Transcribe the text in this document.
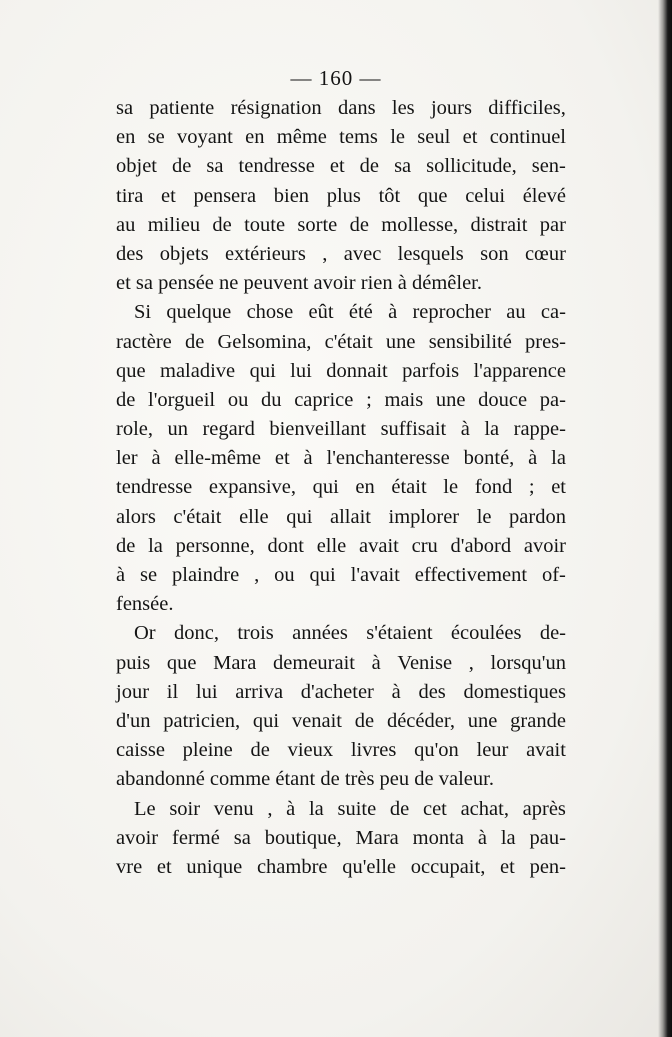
— 160 —
sa patiente résignation dans les jours difficiles,
en se voyant en même tems le seul et continuel
objet de sa tendresse et de sa sollicitude, sen-
tira et pensera bien plus tôt que celui élevé
au milieu de toute sorte de mollesse, distrait par
des objets extérieurs , avec lesquels son cœur
et sa pensée ne peuvent avoir rien à démêler.
Si quelque chose eût été à reprocher au ca-
ractère de Gelsomina, c'était une sensibilité pres-
que maladive qui lui donnait parfois l'apparence
de l'orgueil ou du caprice ; mais une douce pa-
role, un regard bienveillant suffisait à la rappe-
ler à elle-même et à l'enchanteresse bonté, à la
tendresse expansive, qui en était le fond ; et
alors c'était elle qui allait implorer le pardon
de la personne, dont elle avait cru d'abord avoir
à se plaindre , ou qui l'avait effectivement of-
fensée.
Or donc, trois années s'étaient écoulées de-
puis que Mara demeurait à Venise , lorsqu'un
jour il lui arriva d'acheter à des domestiques
d'un patricien, qui venait de décéder, une grande
caisse pleine de vieux livres qu'on leur avait
abandonné comme étant de très peu de valeur.
Le soir venu , à la suite de cet achat, après
avoir fermé sa boutique, Mara monta à la pau-
vre et unique chambre qu'elle occupait, et pen-
